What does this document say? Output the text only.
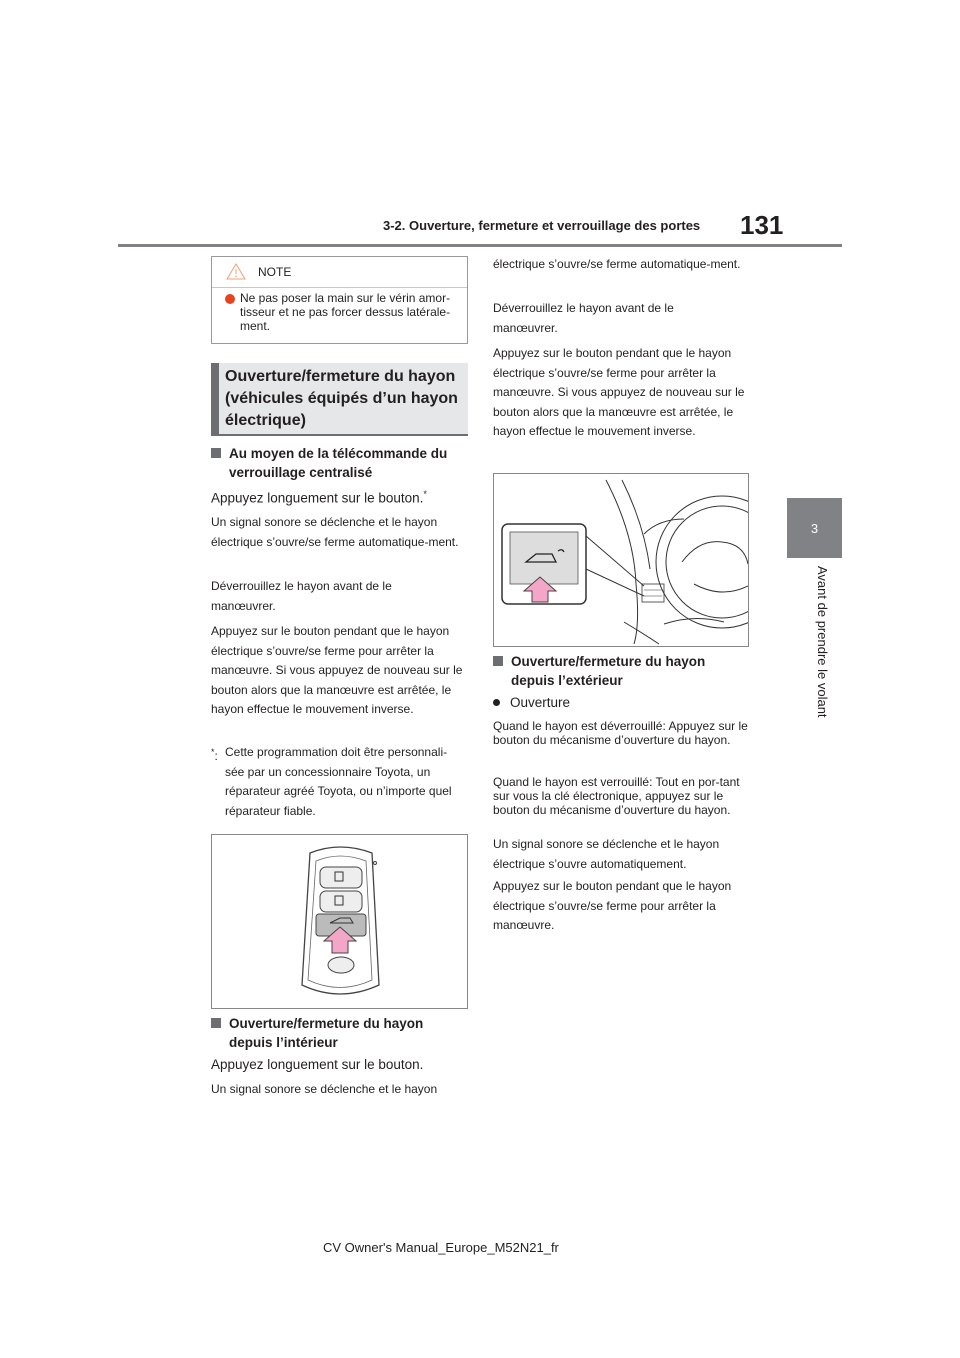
3-2. Ouverture, fermeture et verrouillage des portes 131
3
Avant de prendre le volant
NOTE
Ne pas poser la main sur le vérin amor-tisseur et ne pas forcer dessus latérale-ment.
Ouverture/fermeture du hayon (véhicules équipés d’un hayon électrique)
Au moyen de la télécommande du verrouillage centralisé
Appuyez longuement sur le bouton.*
Un signal sonore se déclenche et le hayon électrique s’ouvre/se ferme automatique-ment.
Déverrouillez le hayon avant de le manœuvrer.
Appuyez sur le bouton pendant que le hayon électrique s’ouvre/se ferme pour arrêter la manœuvre. Si vous appuyez de nouveau sur le bouton alors que la manœuvre est arrêtée, le hayon effectue le mouvement inverse.
*: Cette programmation doit être personnali-sée par un concessionnaire Toyota, un réparateur agréé Toyota, ou n’importe quel réparateur fiable.
Ouverture/fermeture du hayon depuis l’intérieur
Appuyez longuement sur le bouton.
Un signal sonore se déclenche et le hayon
électrique s’ouvre/se ferme automatique-ment.
Déverrouillez le hayon avant de le manœuvrer.
Appuyez sur le bouton pendant que le hayon électrique s’ouvre/se ferme pour arrêter la manœuvre. Si vous appuyez de nouveau sur le bouton alors que la manœuvre est arrêtée, le hayon effectue le mouvement inverse.
Ouverture/fermeture du hayon depuis l’extérieur
Ouverture
Quand le hayon est déverrouillé: Appuyez sur le bouton du mécanisme d’ouverture du hayon.
Quand le hayon est verrouillé: Tout en por-tant sur vous la clé électronique, appuyez sur le bouton du mécanisme d’ouverture du hayon.
Un signal sonore se déclenche et le hayon électrique s’ouvre automatiquement.
Appuyez sur le bouton pendant que le hayon électrique s’ouvre/se ferme pour arrêter la manœuvre.
CV Owner's Manual_Europe_M52N21_fr
